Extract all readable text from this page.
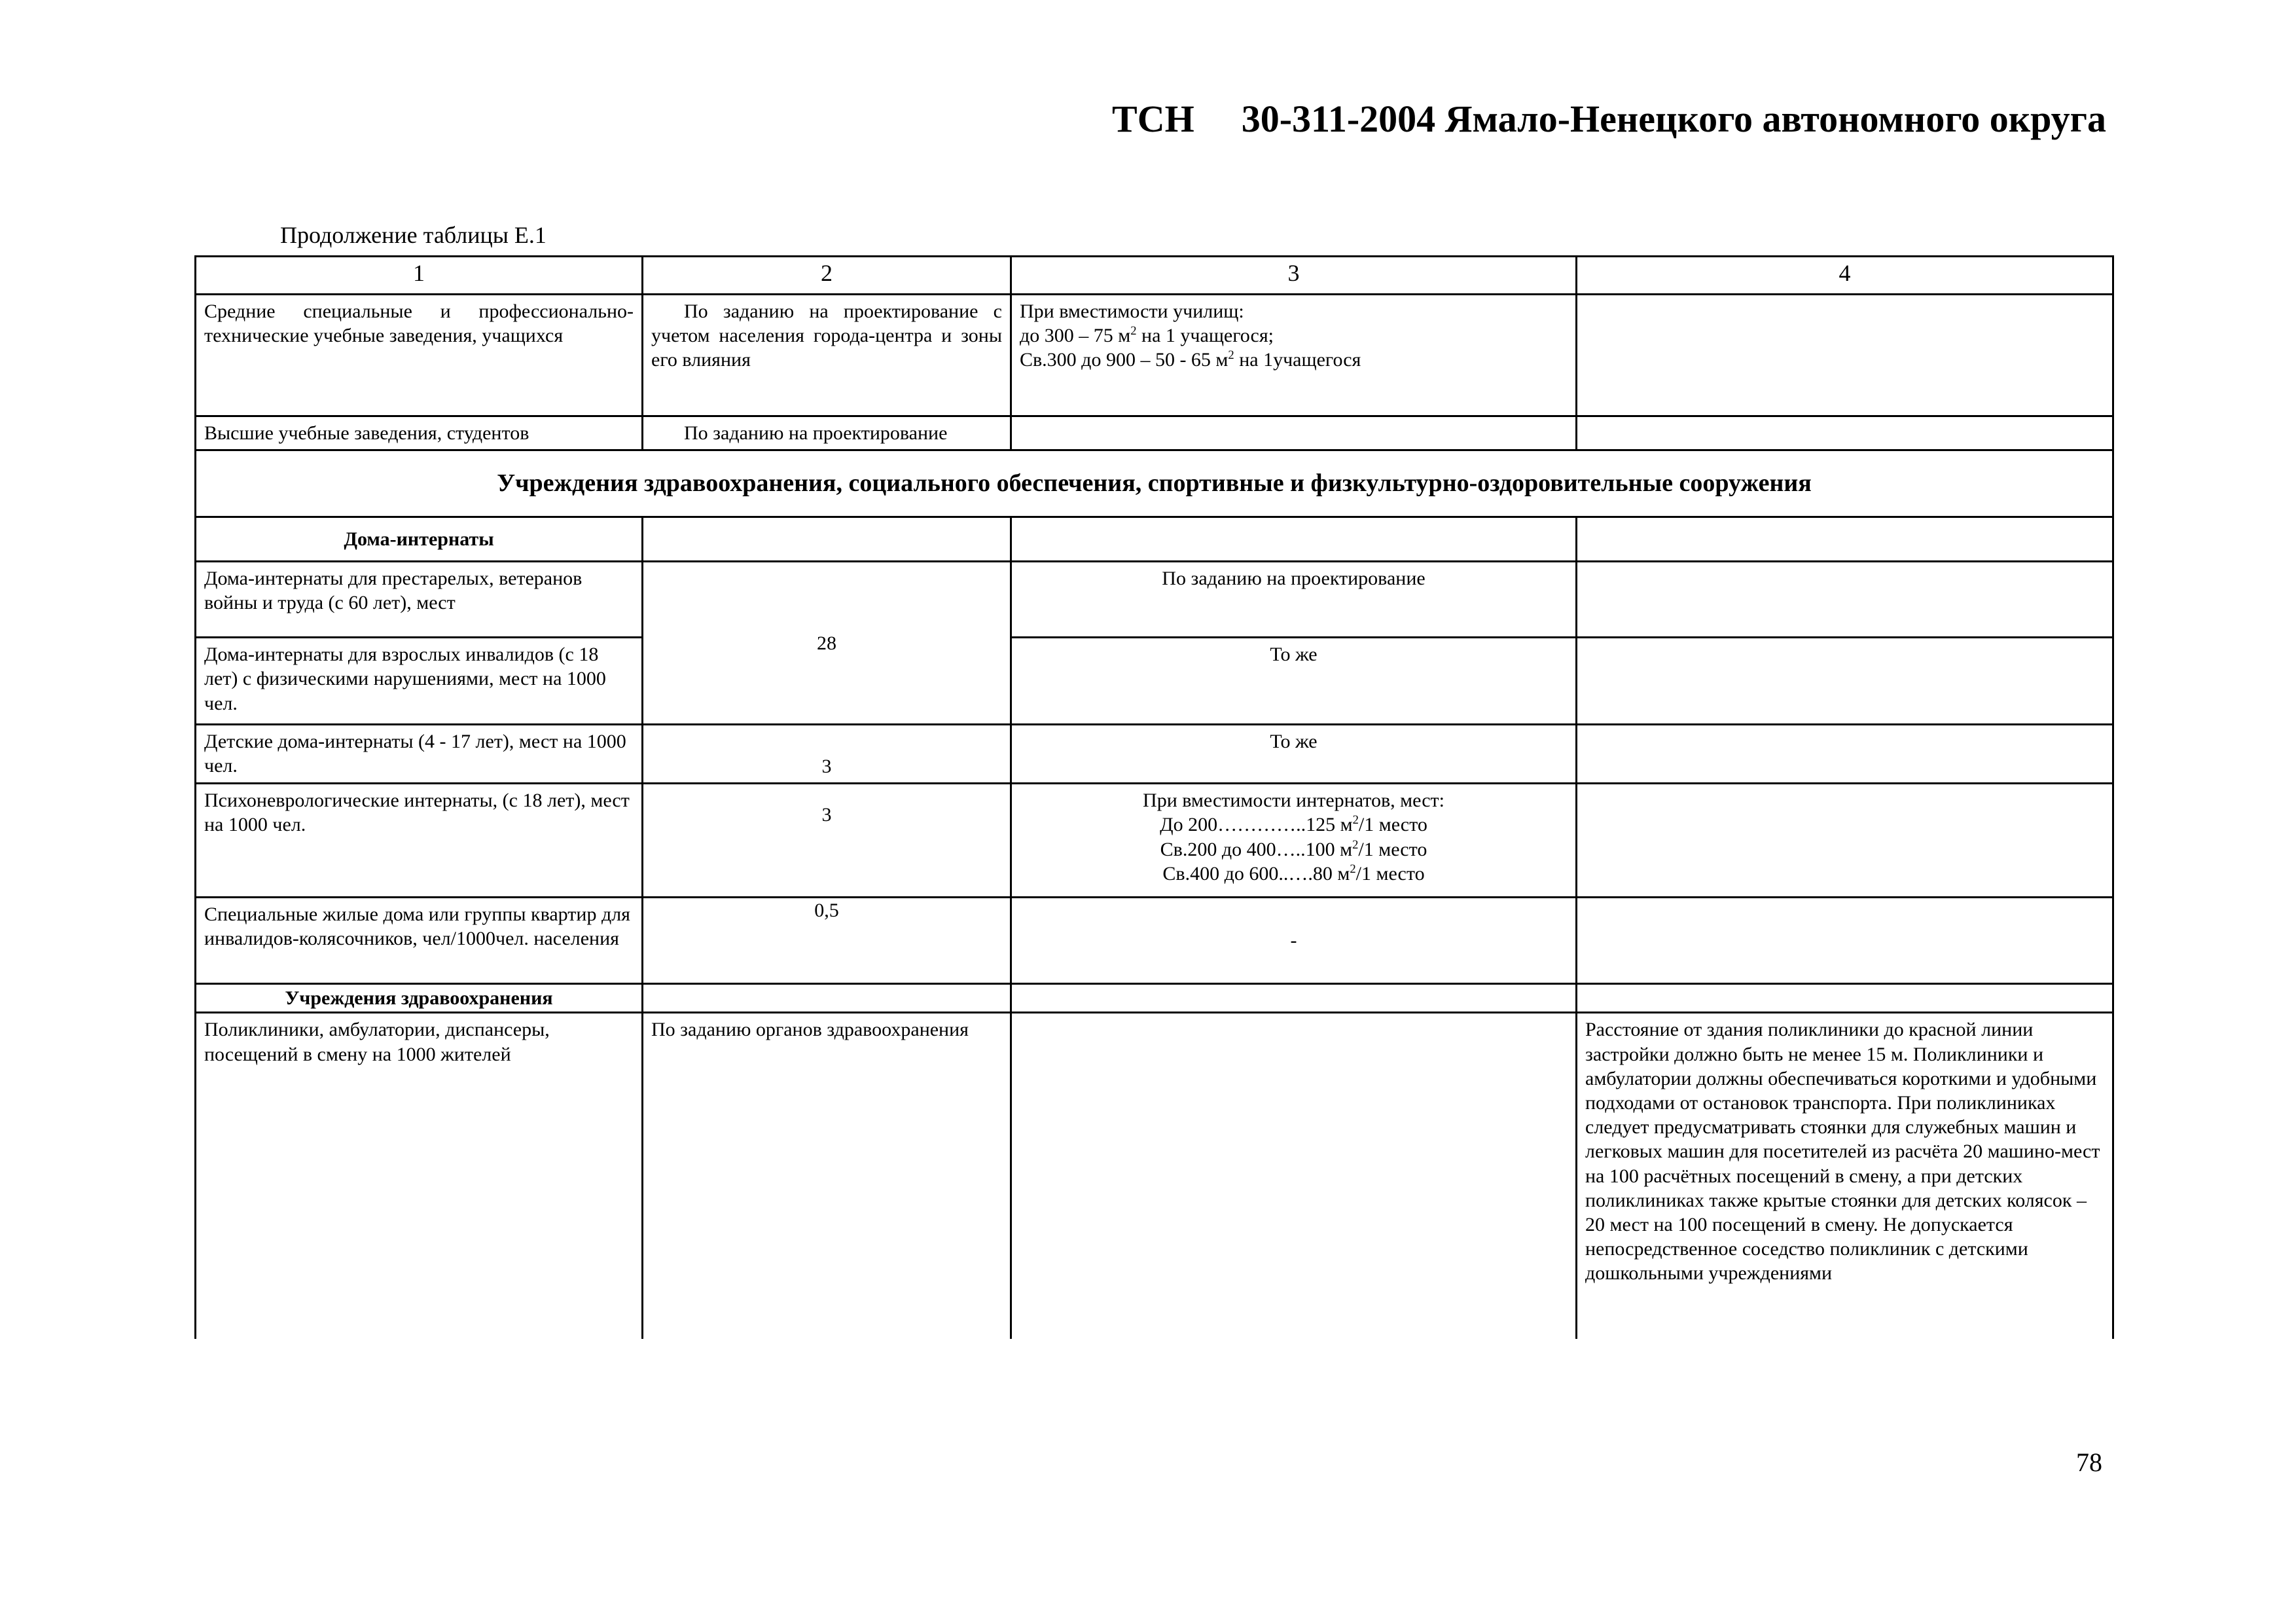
ТСН 30-311-2004 Ямало-Ненецкого автономного округа
Продолжение таблицы Е.1
1	2	3	4
Средние специальные и профессионально-технические учебные заведения, учащихся	По заданию на проектирование с учетом населения города-центра и зоны его влияния	При вместимости училищ:
до 300 – 75 $м^2$ на 1 учащегося;
Св.300 до 900 – 50 - 65 $м^2$ на 1учащегося	

Высшие учебные заведения, студентов	По заданию на проектирование		
Учреждения здравоохранения, социального обеспечения, спортивные и физкультурно-оздоровительные сооружения			
Дома-интернаты			
Дома-интернаты для престарелых, ветеранов войны и труда (с 60 лет), мест	28	По заданию на проектирование	
Дома-интернаты для взрослых инвалидов (с 18 лет) с физическими нарушениями, мест на 1000 чел.		То же	
Детские дома-интернаты (4 - 17 лет), мест на 1000 чел.	3	То же	
Психоневрологические интернаты, (с 18 лет), мест на 1000 чел.	3	При вместимости интернатов, мест:
До 200…………..125 $м^2/1$ место
Св.200 до 400…..100 $м^2/1$ место
Св.400 до 600..….80 $м^2/1$ место	

Специальные жилые дома или группы квартир для инвалидов-колясочников, чел/1000чел. населения	0,5	-	
Учреждения здравоохранения			
Поликлиники, амбулатории, диспансеры, посещений в смену на 1000 жителей	По заданию органов здравоохранения		Расстояние от здания поликлиники до красной линии застройки должно быть не менее 15 м. Поликлиники и амбулатории должны обеспечиваться короткими и удобными подходами от остановок транспорта. При поликлиниках следует предусматривать стоянки для служебных машин и легковых машин для посетителей из расчёта 20 машино-мест на 100 расчётных посещений в смену, а при детских поликлиниках также крытые стоянки для детских колясок – 20 мест на 100 посещений в смену. Не допускается непосредственное соседство поликлиник с детскими дошкольными учреждениями
78
